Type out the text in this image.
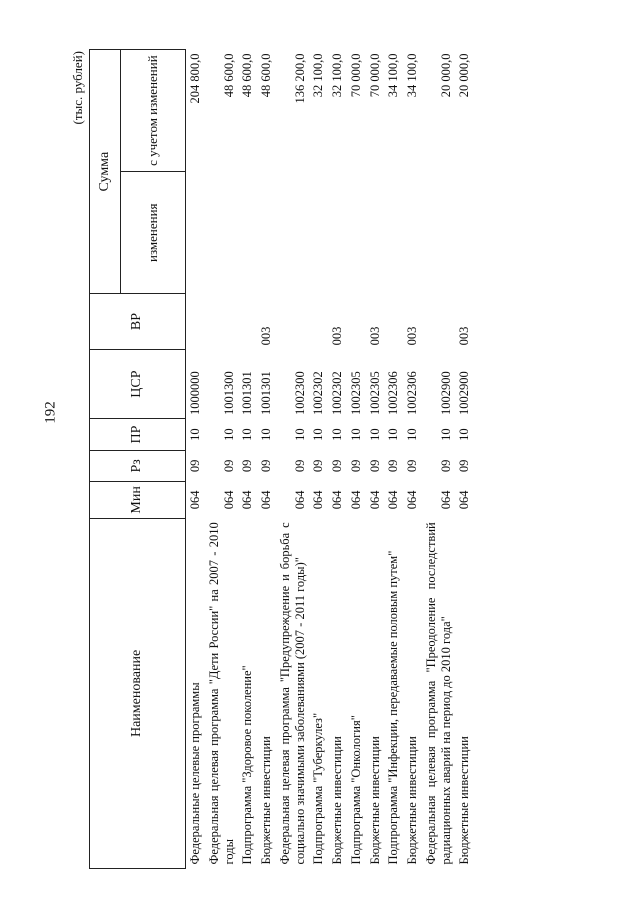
192
(тыс. рублей)
Наименование	Мин	Рз	ПР	ЦСР	ВР	Сумма	
						изменения	с учетом изменений
Федеральные целевые программы	064	09	10	1000000			204 800,0
Федеральная целевая программа "Дети России" на 2007 - 2010 годы	064	09	10	1001300			48 600,0
Подпрограмма "Здоровое поколение"	064	09	10	1001301			48 600,0
Бюджетные инвестиции	064	09	10	1001301	003		48 600,0
Федеральная целевая программа "Предупреждение и борьба с социально значимыми заболеваниями (2007 - 2011 годы)"	064	09	10	1002300			136 200,0
Подпрограмма "Туберкулез"	064	09	10	1002302			32 100,0
Бюджетные инвестиции	064	09	10	1002302	003		32 100,0
Подпрограмма "Онкология"	064	09	10	1002305			70 000,0
Бюджетные инвестиции	064	09	10	1002305	003		70 000,0
Подпрограмма "Инфекции, передаваемые половым путем"	064	09	10	1002306			34 100,0
Бюджетные инвестиции	064	09	10	1002306	003		34 100,0
Федеральная целевая программа "Преодоление последствий радиационных аварий на период до 2010 года"	064	09	10	1002900			20 000,0
Бюджетные инвестиции	064	09	10	1002900	003		20 000,0
